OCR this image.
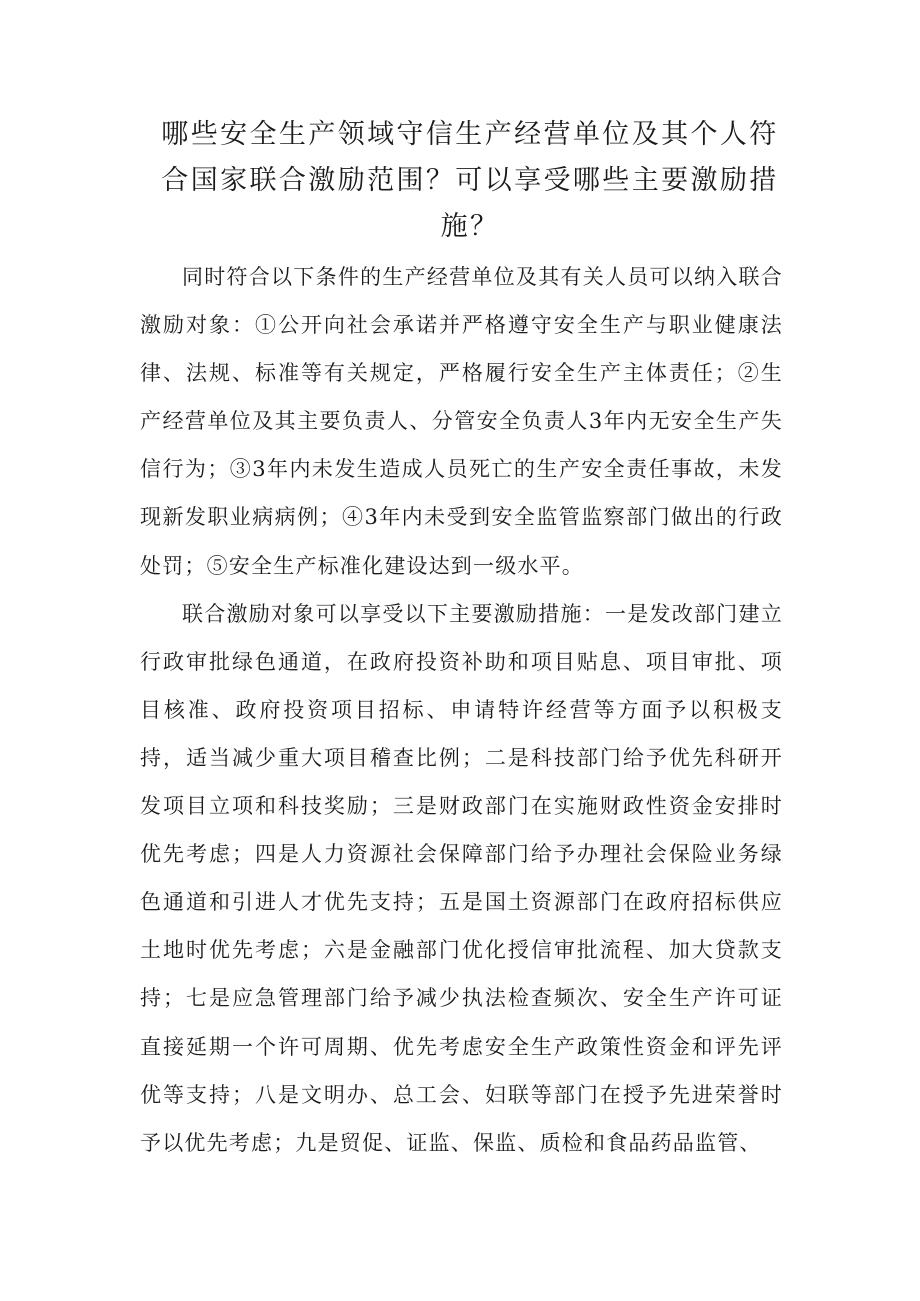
哪些安全生产领域守信生产经营单位及其个人符合国家联合激励范围？可以享受哪些主要激励措施？

同时符合以下条件的生产经营单位及其有关人员可以纳入联合激励对象：①公开向社会承诺并严格遵守安全生产与职业健康法律、法规、标准等有关规定，严格履行安全生产主体责任；②生产经营单位及其主要负责人、分管安全负责人3年内无安全生产失信行为；③3年内未发生造成人员死亡的生产安全责任事故，未发现新发职业病病例；④3年内未受到安全监管监察部门做出的行政处罚；⑤安全生产标准化建设达到一级水平。

联合激励对象可以享受以下主要激励措施：一是发改部门建立行政审批绿色通道，在政府投资补助和项目贴息、项目审批、项目核准、政府投资项目招标、申请特许经营等方面予以积极支持，适当减少重大项目稽查比例；二是科技部门给予优先科研开发项目立项和科技奖励；三是财政部门在实施财政性资金安排时优先考虑；四是人力资源社会保障部门给予办理社会保险业务绿色通道和引进人才优先支持；五是国土资源部门在政府招标供应土地时优先考虑；六是金融部门优化授信审批流程、加大贷款支持；七是应急管理部门给予减少执法检查频次、安全生产许可证直接延期一个许可周期、优先考虑安全生产政策性资金和评先评优等支持；八是文明办、总工会、妇联等部门在授予先进荣誉时予以优先考虑；九是贸促、证监、保监、质检和食品药品监管、
